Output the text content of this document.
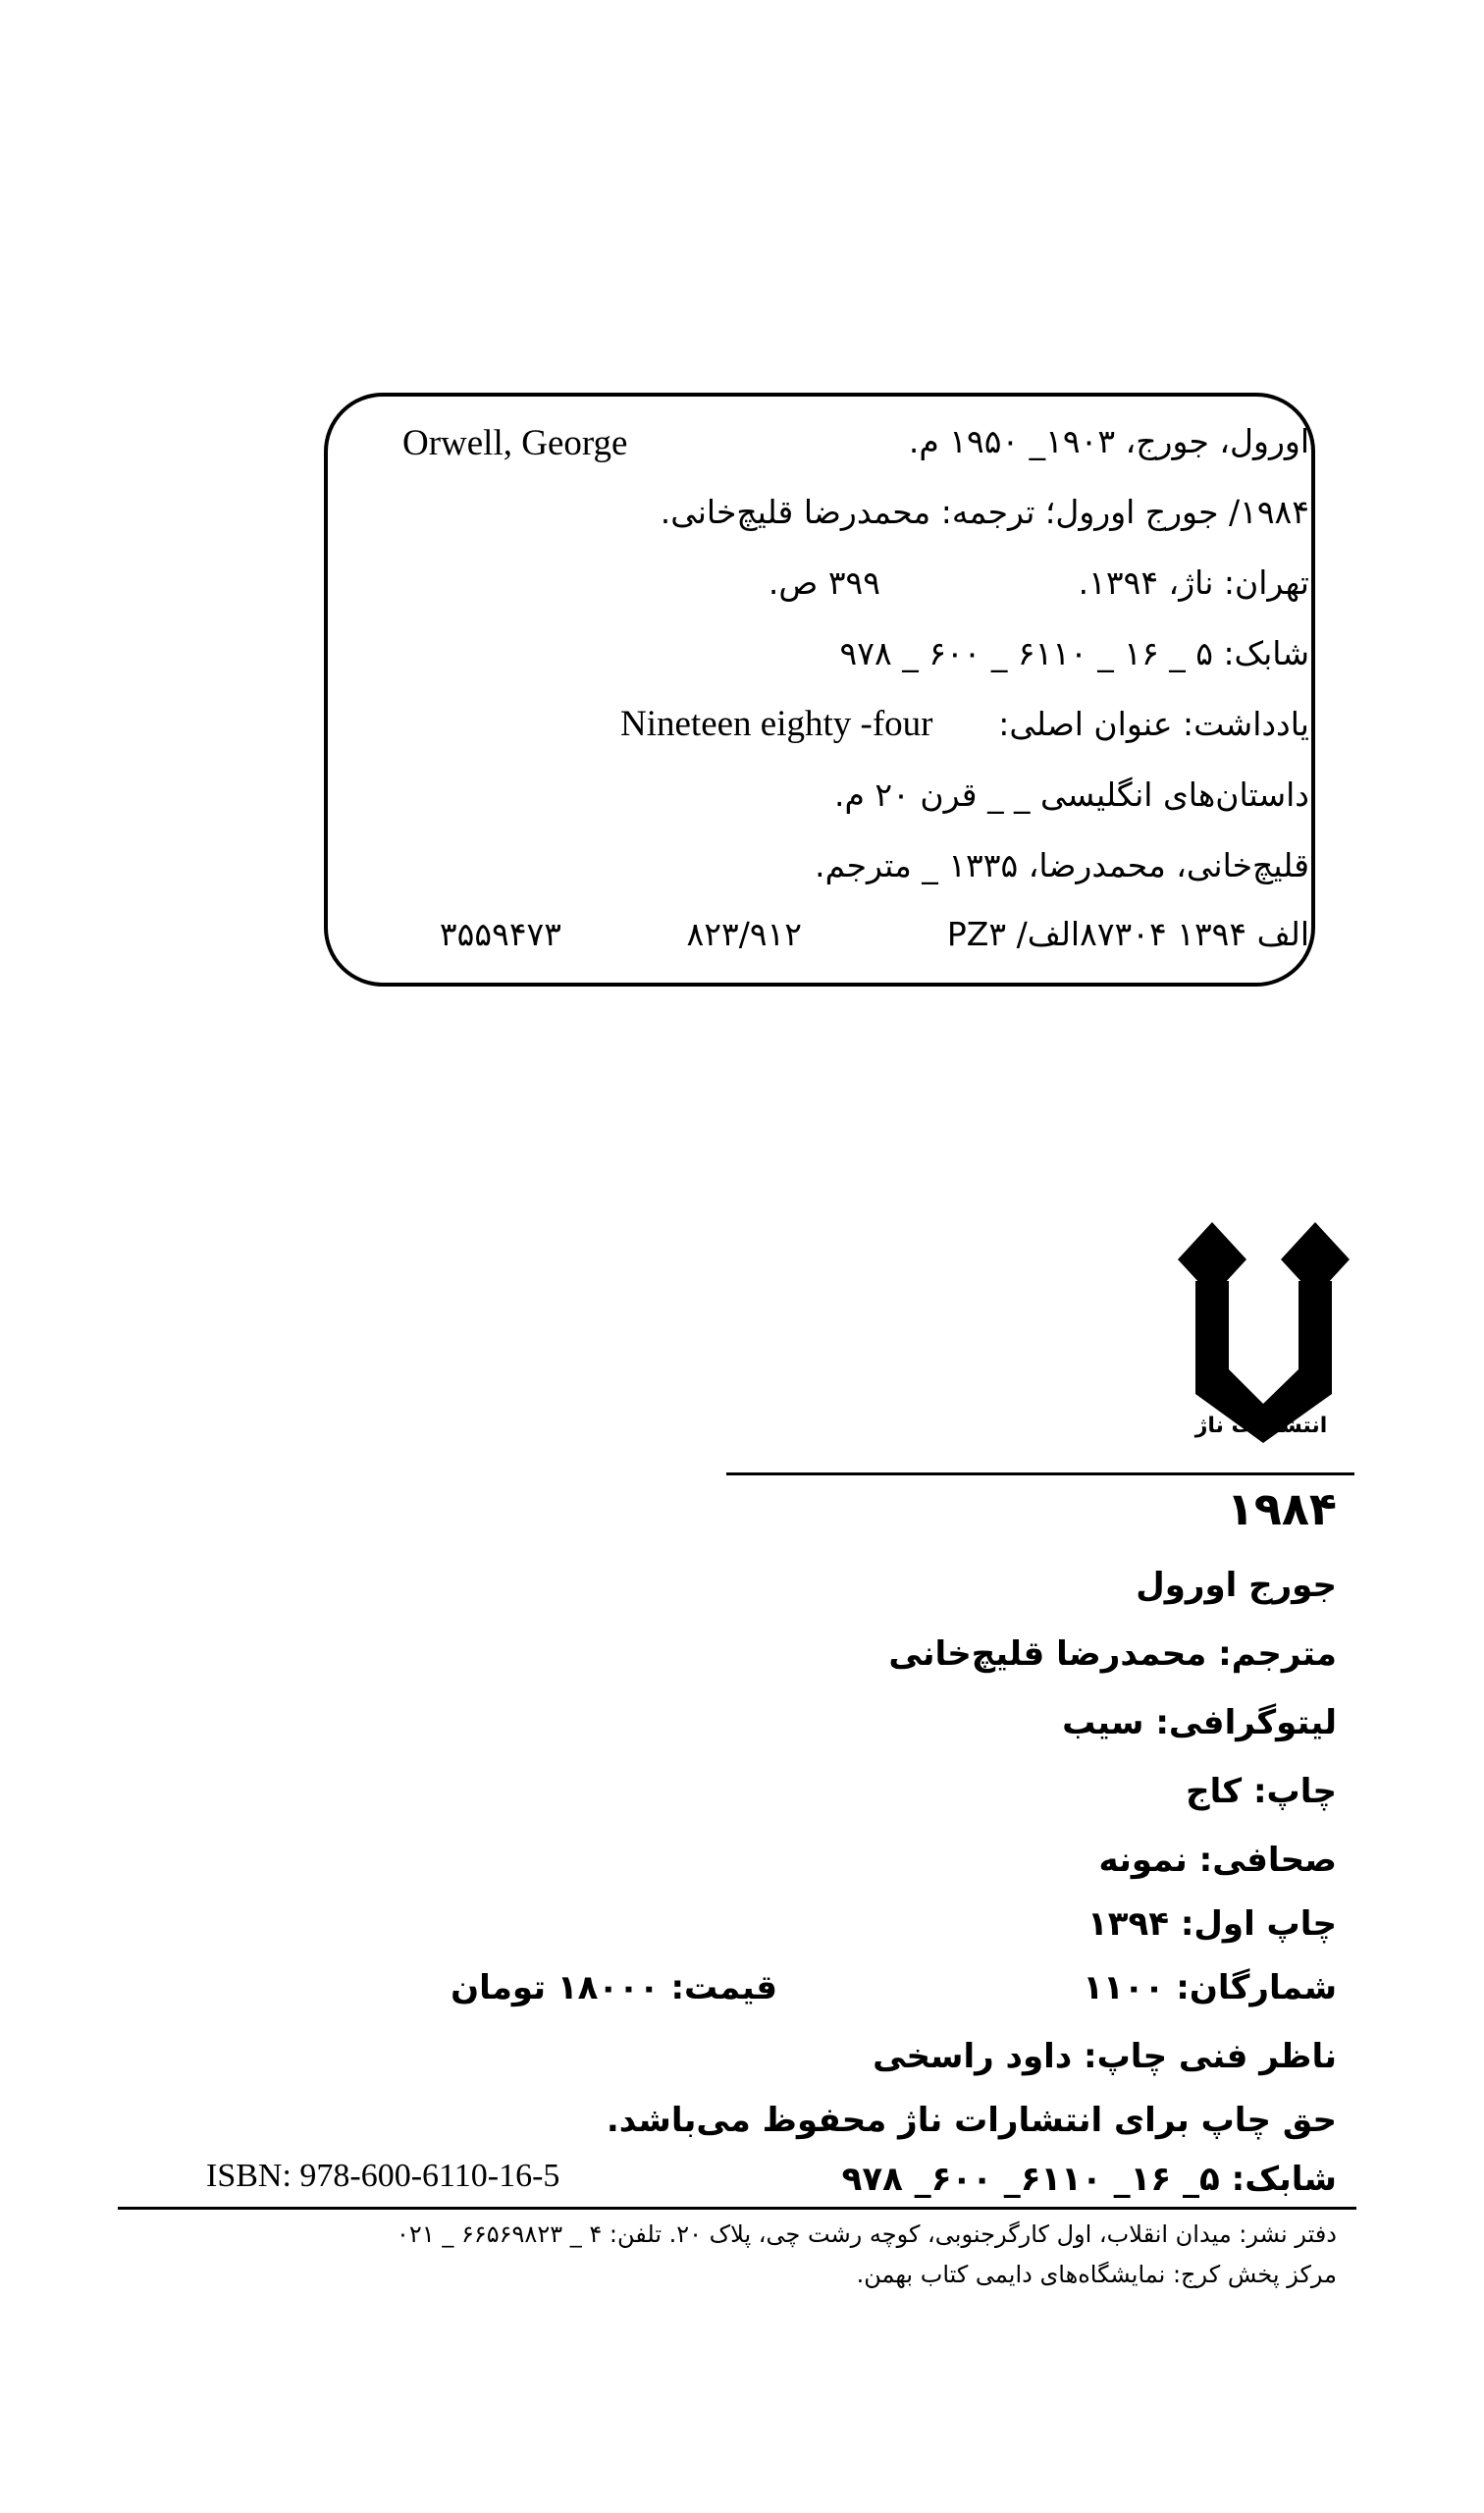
اورول، جورج، ۱۹۰۳_ ۱۹۵۰ م.
Orwell, George
۱۹۸۴/ جورج اورول؛ ترجمه: محمدرضا قلیچ‌خانی.
تهران: ناژ، ۱۳۹۴.
۳۹۹ ص.
شابک: ۵ _ ۱۶ _ ۶۱۱۰ _ ۶۰۰ _ ۹۷۸
یادداشت: عنوان اصلی:
Nineteen eighty -four
داستان‌های انگلیسی _ _ قرن ۲۰ م.
قلیچ‌خانی، محمدرضا، ۱۳۳۵ _ مترجم.
الف ۱۳۹۴ ۸۷۳۰۴الف/ PZ۳
۸۲۳/۹۱۲
۳۵۵۹۴۷۳
انتشارات ناژ
۱۹۸۴
جورج اورول
مترجم: محمدرضا قلیچ‌خانی
لیتوگرافی: سیب
چاپ: کاج
صحافی: نمونه
چاپ اول: ۱۳۹۴
شمارگان: ۱۱۰۰
قیمت: ۱۸۰۰۰ تومان
ناظر فنی چاپ: داود راسخی
حق چاپ برای انتشارات ناژ محفوظ می‌باشد.
شابک: ۵_ ۱۶_ ۶۱۱۰_ ۶۰۰_ ۹۷۸
ISBN: 978-600-6110-16-5
دفتر نشر: میدان انقلاب، اول کارگرجنوبی، کوچه رشت چی، پلاک ۲۰. تلفن: ۴ _ ۶۶۵۶۹۸۲۳ _ ۰۲۱
مرکز پخش کرج: نمایشگاه‌های دایمی کتاب بهمن.
